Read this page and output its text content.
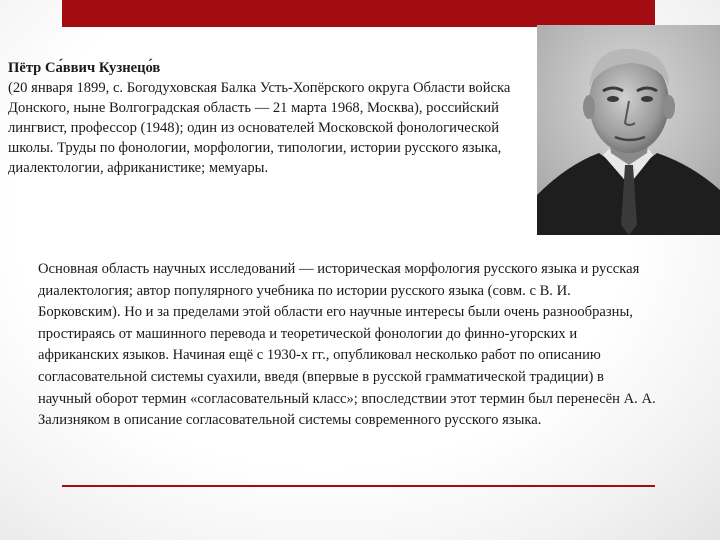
Пётр Са́ввич Кузнецо́в
(20 января 1899, с. Богодуховская Балка Усть-Хопёрского округа Области войска Донского, ныне Волгоградская область — 21 марта 1968, Москва), российский лингвист, профессор (1948); один из основателей Московской фонологической школы. Труды по фонологии, морфологии, типологии, истории русского языка, диалектологии, африканистике; мемуары.
Основная область научных исследований — историческая морфология русского языка и русская диалектология; автор популярного учебника по истории русского языка (совм. с В. И. Борковским). Но и за пределами этой области его научные интересы были очень разнообразны, простираясь от машинного перевода и теоретической фонологии до финно-угорских и африканских языков. Начиная ещё с 1930-х гг., опубликовал несколько работ по описанию согласовательной системы суахили, введя (впервые в русской грамматической традиции) в научный оборот термин «согласовательный класс»; впоследствии этот термин был перенесён А. А. Зализняком в описание согласовательной системы современного русского языка.
